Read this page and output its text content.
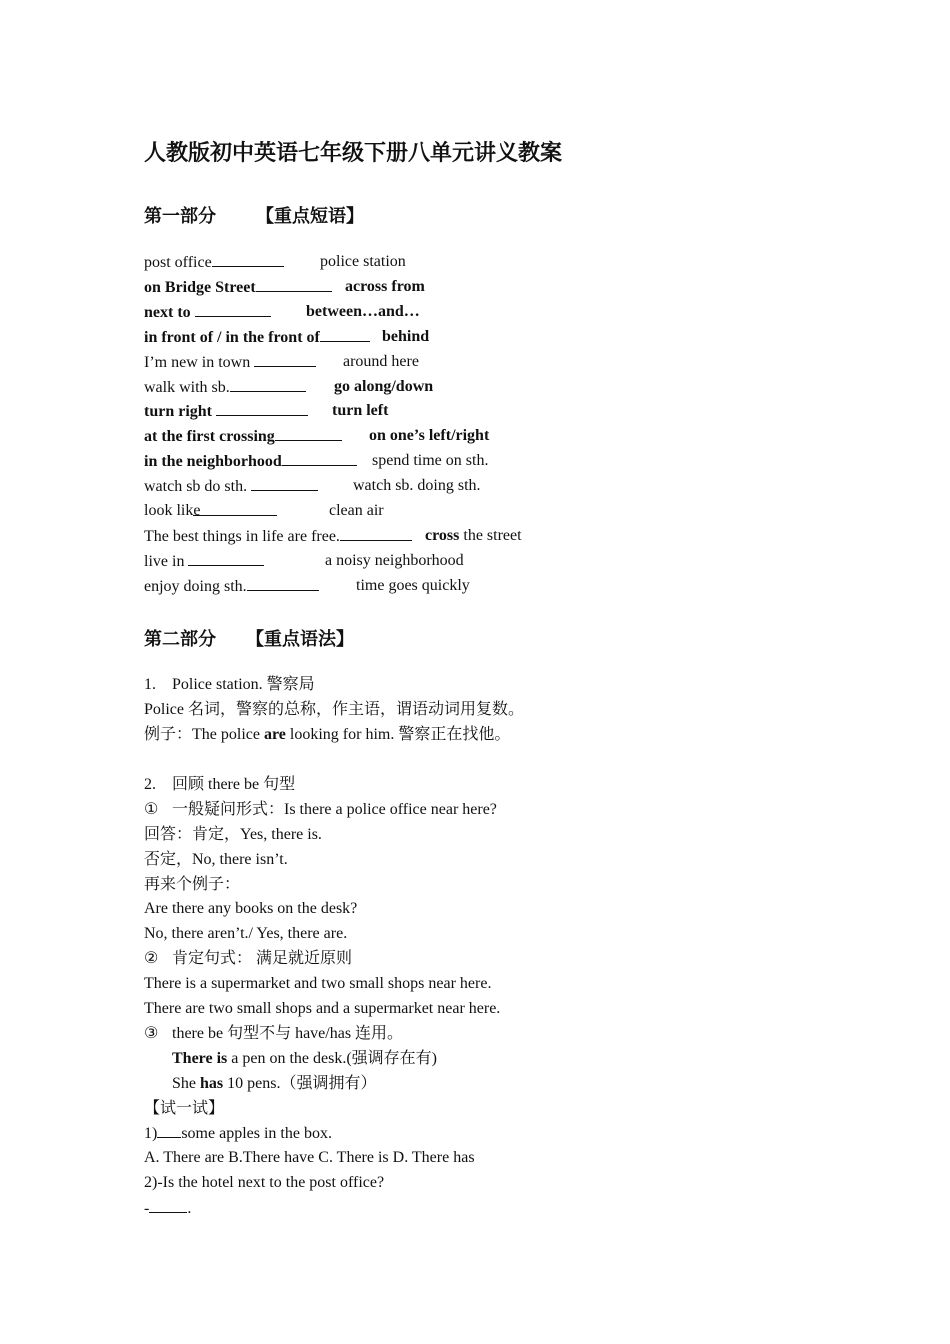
人教版初中英语七年级下册八单元讲义教案
第一部分 【重点短语】
post office	police station
on Bridge Street	across from
next to	between…and…
in front of / in the front of	behind
I’m new in town	around here
walk with sb.	go along/down
turn right	turn left
at the first crossing	on one’s left/right
in the neighborhood	spend time on sth.
watch sb do sth.	watch sb. doing sth.
look like	clean air
The best things in life are free.	cross the street
live in	a noisy neighborhood
enjoy doing sth.	time goes quickly
第二部分 【重点语法】
1. Police station. 警察局
Police 名词，警察的总称，作主语，谓语动词用复数。
例子：The police are looking for him. 警察正在找他。
2. 回顾 there be 句型
① 一般疑问形式：Is there a police office near here?
回答：肯定，Yes, there is.
否定，No, there isn’t.
再来个例子：
Are there any books on the desk?
No, there aren’t./ Yes, there are.
② 肯定句式： 满足就近原则
There is a supermarket and two small shops near here.
There are two small shops and a supermarket near here.
③ there be 句型不与 have/has 连用。
There is a pen on the desk.(强调存在有)
She has 10 pens.（强调拥有）
【试一试】
1) some apples in the box.
A. There are B.There have C. There is D. There has
2)-Is the hotel next to the post office?
- .
